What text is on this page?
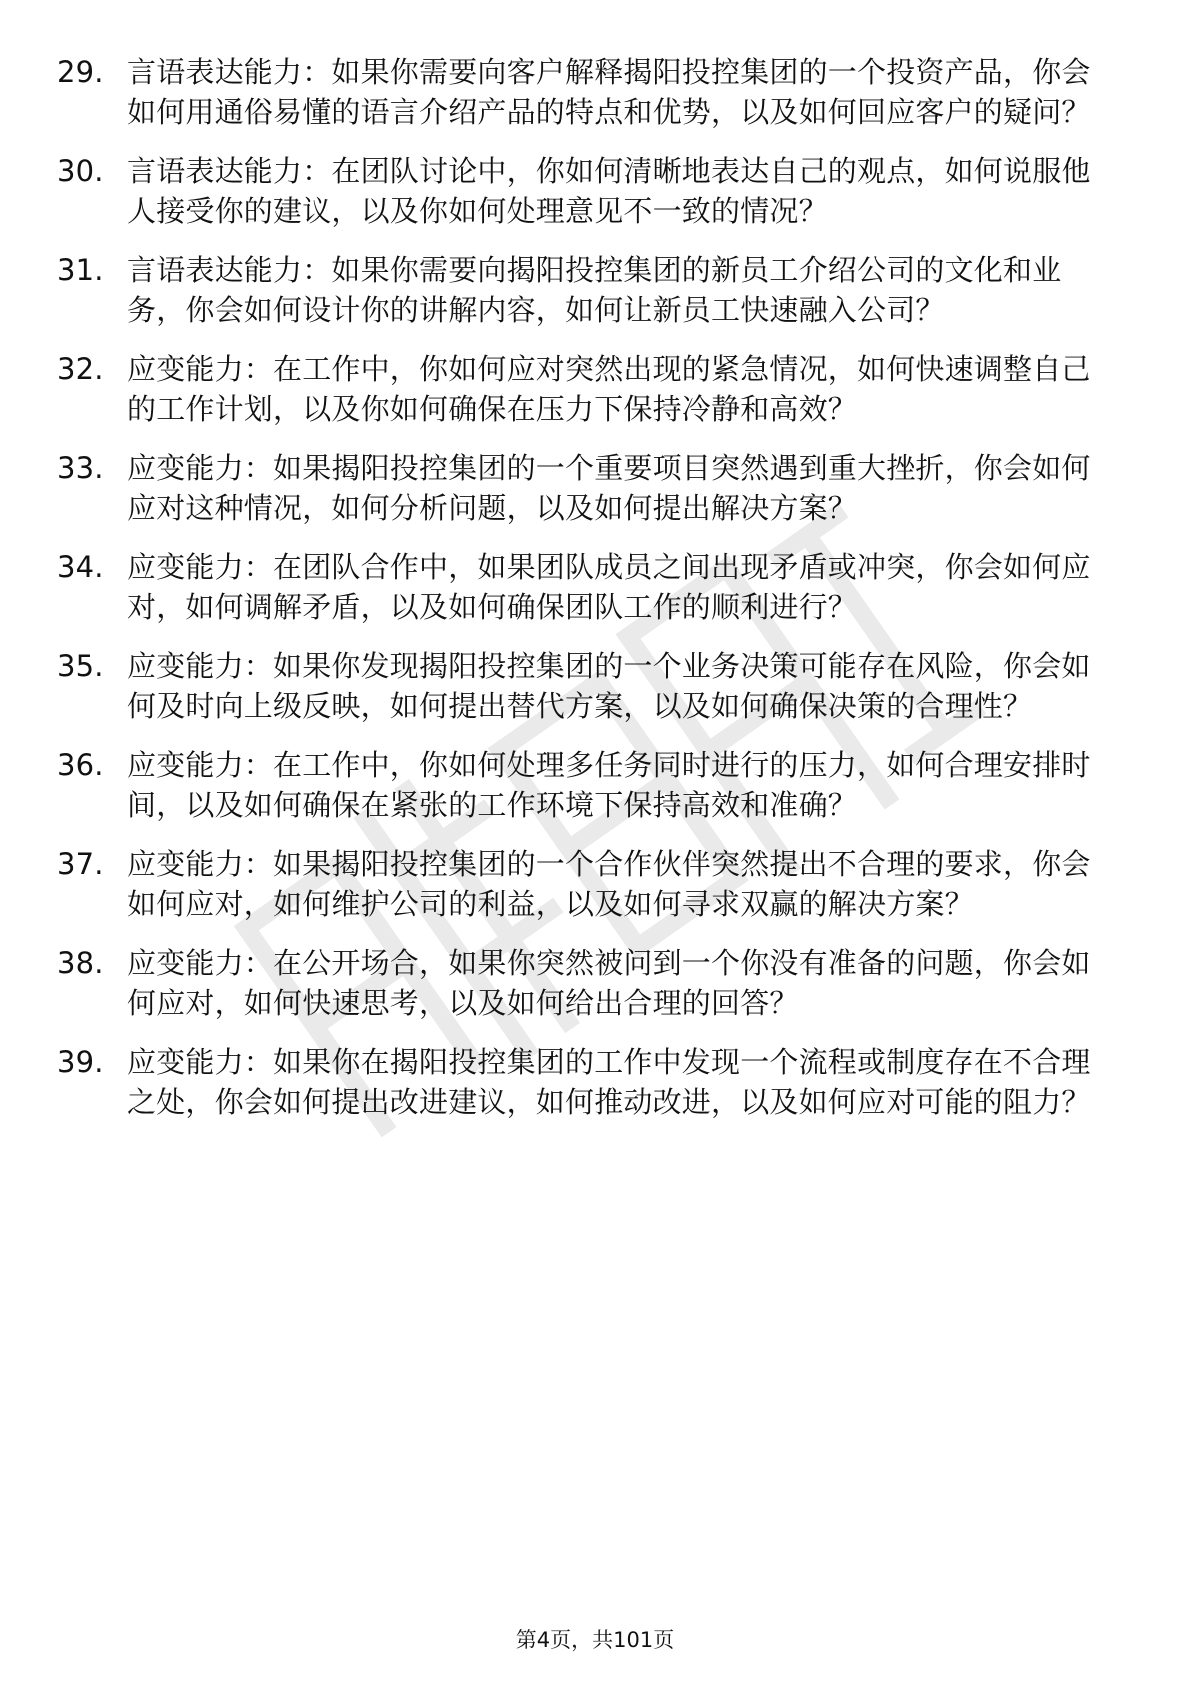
29. 言语表达能力：如果你需要向客户解释揭阳投控集团的一个投资产品，你会如何用通俗易懂的语言介绍产品的特点和优势，以及如何回应客户的疑问？
30. 言语表达能力：在团队讨论中，你如何清晰地表达自己的观点，如何说服他人接受你的建议，以及你如何处理意见不一致的情况？
31. 言语表达能力：如果你需要向揭阳投控集团的新员工介绍公司的文化和业务，你会如何设计你的讲解内容，如何让新员工快速融入公司？
32. 应变能力：在工作中，你如何应对突然出现的紧急情况，如何快速调整自己的工作计划，以及你如何确保在压力下保持冷静和高效？
33. 应变能力：如果揭阳投控集团的一个重要项目突然遇到重大挫折，你会如何应对这种情况，如何分析问题，以及如何提出解决方案？
34. 应变能力：在团队合作中，如果团队成员之间出现矛盾或冲突，你会如何应对，如何调解矛盾，以及如何确保团队工作的顺利进行？
35. 应变能力：如果你发现揭阳投控集团的一个业务决策可能存在风险，你会如何及时向上级反映，如何提出替代方案，以及如何确保决策的合理性？
36. 应变能力：在工作中，你如何处理多任务同时进行的压力，如何合理安排时间，以及如何确保在紧张的工作环境下保持高效和准确？
37. 应变能力：如果揭阳投控集团的一个合作伙伴突然提出不合理的要求，你会如何应对，如何维护公司的利益，以及如何寻求双赢的解决方案？
38. 应变能力：在公开场合，如果你突然被问到一个你没有准备的问题，你会如何应对，如何快速思考，以及如何给出合理的回答？
39. 应变能力：如果你在揭阳投控集团的工作中发现一个流程或制度存在不合理之处，你会如何提出改进建议，如何推动改进，以及如何应对可能的阻力？
第4页，共101页
